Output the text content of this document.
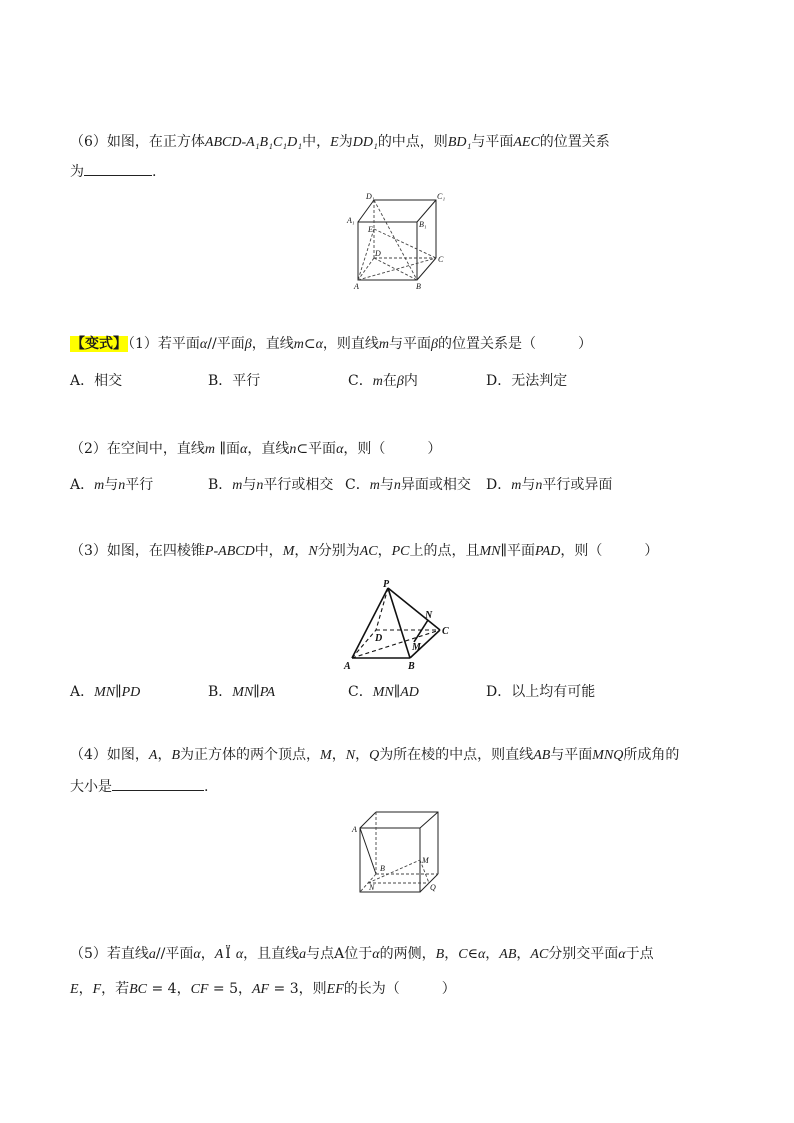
（6）如图，在正方体ABCD-A₁B₁C₁D₁中，E为DD₁的中点，则BD₁与平面AEC的位置关系
为	.
D₁	C₁
A₁	B₁
E
D
C
A	B
【变式】（1）若平面α//平面β，直线m⊂α，则直线m与平面β的位置关系是（　　　）
A．相交	B．平行	C．m在β内	D．无法判定
（2）在空间中，直线m ∥面α，直线n⊂平面α，则（　　　）
A．m与n平行	B．m与n平行或相交 C．m与n异面或相交 D．m与n平行或异面
（3）如图，在四棱锥P-ABCD中，M，N分别为AC，PC上的点，且MN∥平面PAD，则（　　　）
P
N
C
D
M
A	B
A．MN∥PD	B．MN∥PA	C．MN∥AD	D．以上均有可能
（4）如图，A，B为正方体的两个顶点，M，N，Q为所在棱的中点，则直线AB与平面MNQ所成角的
大小是	.
A
B
M
N	Q
（5）若直线a//平面α，A Ï α，且直线a与点A位于α的两侧，B，C∈α，AB，AC分别交平面α于点
E，F，若BC = 4，CF = 5，AF = 3，则EF的长为（　　　）
